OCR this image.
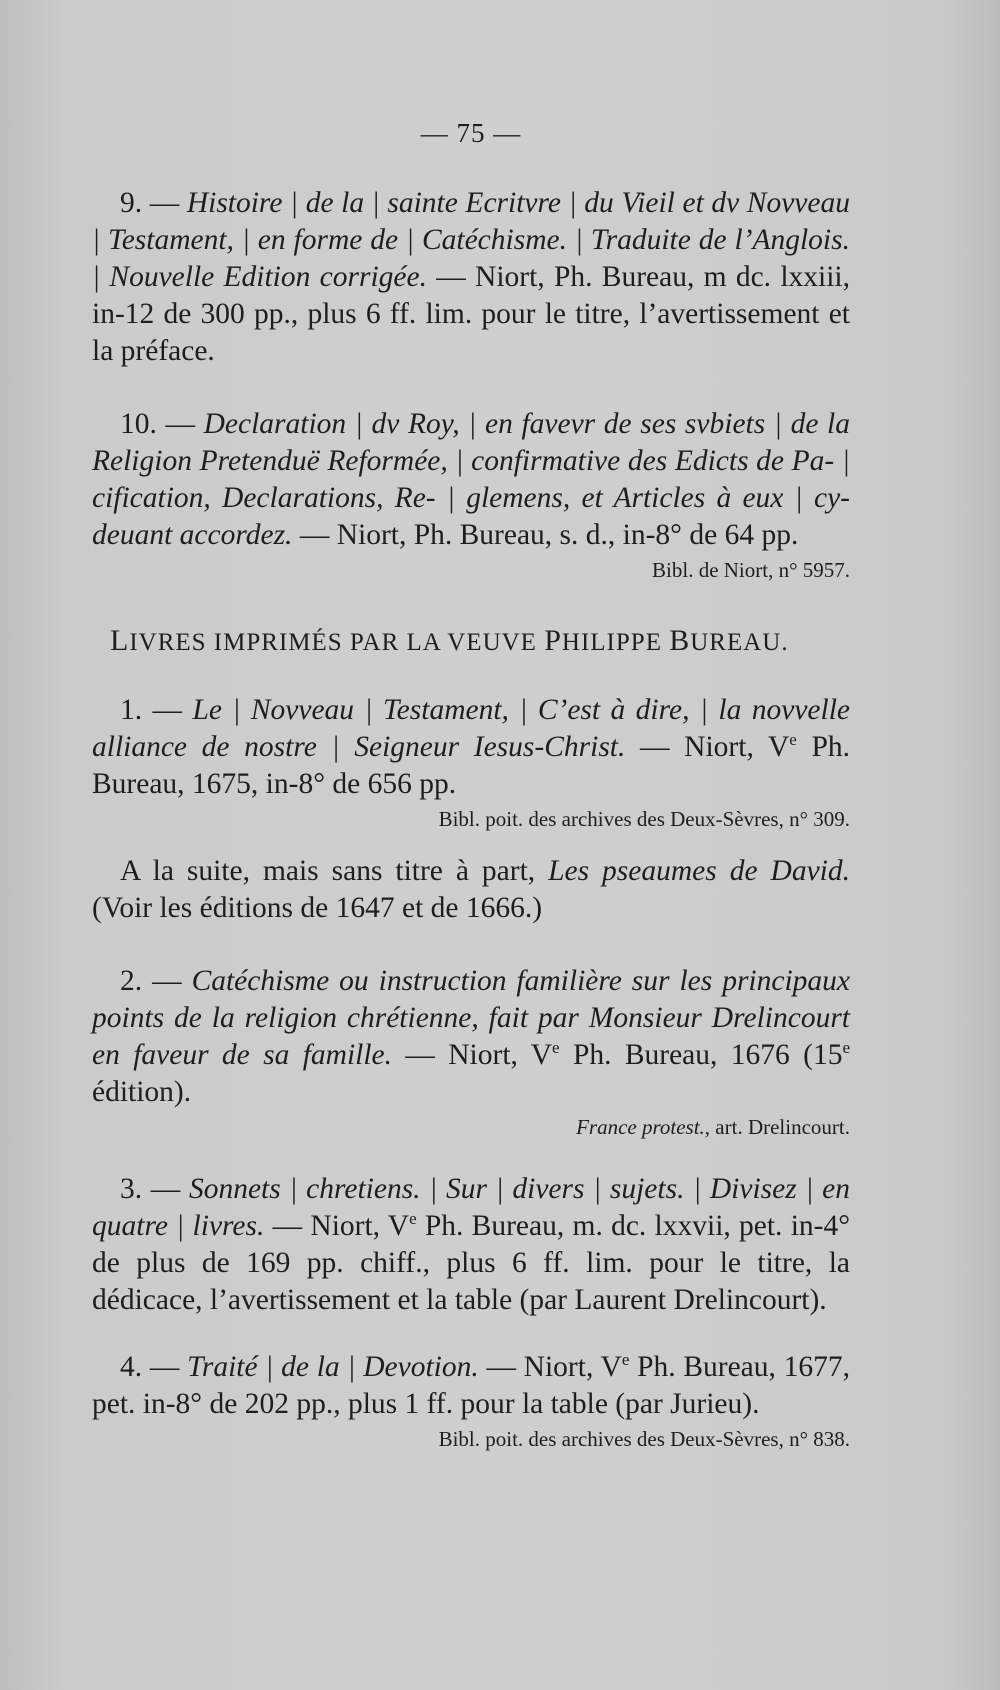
— 75 —

9. — Histoire | de la | sainte Ecritvre | du Vieil et dv Novveau | Testament, | en forme de | Catéchisme. | Traduite de l’Anglois. | Nouvelle Edition corrigée. — Niort, Ph. Bureau, m dc. lxxiii, in-12 de 300 pp., plus 6 ff. lim. pour le titre, l’avertissement et la préface.

10. — Declaration | dv Roy, | en favevr de ses svbiets | de la Religion Pretenduë Reformée, | confirmative des Edicts de Pa- | cification, Declarations, Re- | glemens, et Articles à eux | cy-deuant accordez. — Niort, Ph. Bureau, s. d., in-8° de 64 pp.

Bibl. de Niort, n° 5957.
LIVRES IMPRIMÉS PAR LA VEUVE PHILIPPE BUREAU.

1. — Le | Novveau | Testament, | C’est à dire, | la novvelle alliance de nostre | Seigneur Iesus-Christ. — Niort, Ve Ph. Bureau, 1675, in-8° de 656 pp.

Bibl. poit. des archives des Deux-Sèvres, n° 309.

A la suite, mais sans titre à part, Les pseaumes de David. (Voir les éditions de 1647 et de 1666.)

2. — Catéchisme ou instruction familière sur les principaux points de la religion chrétienne, fait par Monsieur Drelincourt en faveur de sa famille. — Niort, Ve Ph. Bureau, 1676 (15e édition).

France protest., art. Drelincourt.

3. — Sonnets | chretiens. | Sur | divers | sujets. | Divisez | en quatre | livres. — Niort, Ve Ph. Bureau, m. dc. lxxvii, pet. in-4° de plus de 169 pp. chiff., plus 6 ff. lim. pour le titre, la dédicace, l’avertissement et la table (par Laurent Drelincourt).

4. — Traité | de la | Devotion. — Niort, Ve Ph. Bureau, 1677, pet. in-8° de 202 pp., plus 1 ff. pour la table (par Jurieu).

Bibl. poit. des archives des Deux-Sèvres, n° 838.
